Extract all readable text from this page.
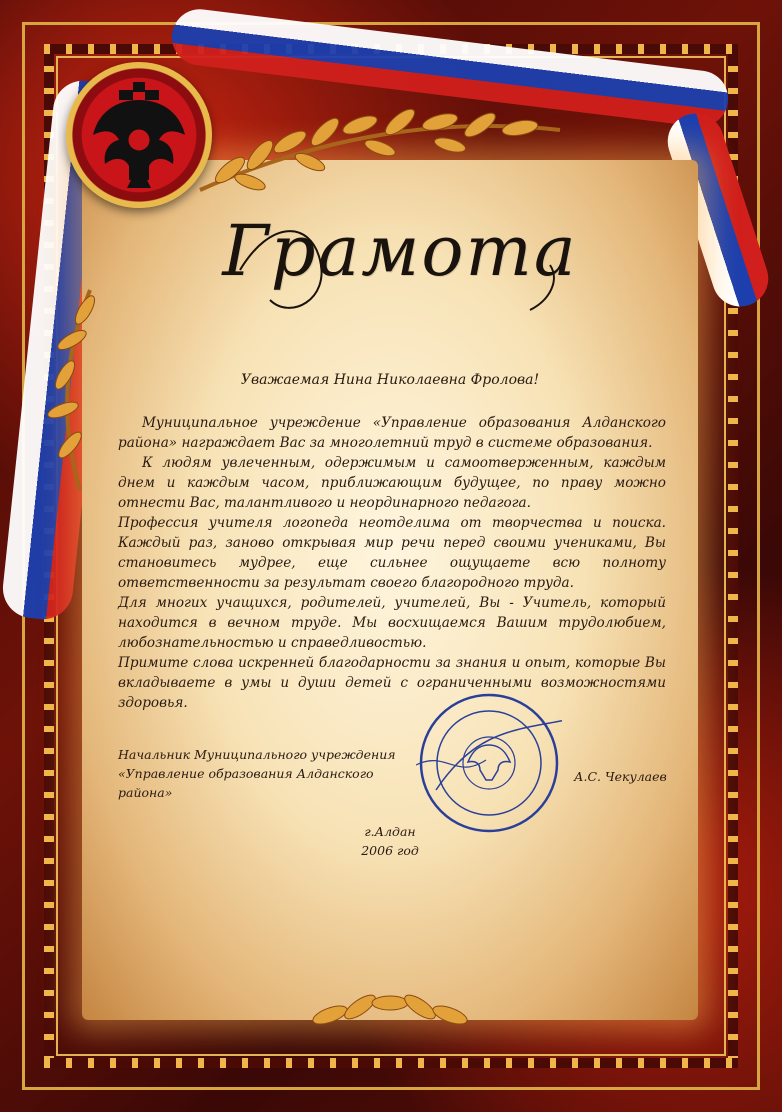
Грамота
Уважаемая Нина Николаевна Фролова!

Муниципальное учреждение «Управление образования Алданского района» награждает Вас за многолетний труд в системе образования.

К людям увлеченным, одержимым и самоотверженным, каждым днем и каждым часом, приближающим будущее, по праву можно отнести Вас, талантливого и неординарного педагога.

Профессия учителя логопеда неотделима от творчества и поиска. Каждый раз, заново открывая мир речи перед своими учениками, Вы становитесь мудрее, еще сильнее ощущаете всю полноту ответственности за результат своего благородного труда.

Для многих учащихся, родителей, учителей, Вы - Учитель, который находится в вечном труде. Мы восхищаемся Вашим трудолюбием, любознательностью и справедливостью.

Примите слова искренней благодарности за знания и опыт, которые Вы вкладываете в умы и души детей с ограниченными возможностями здоровья.

Начальник Муниципального учреждения
«Управление образования Алданского района»
А.С. Чекулаев
г.Алдан
2006 год
